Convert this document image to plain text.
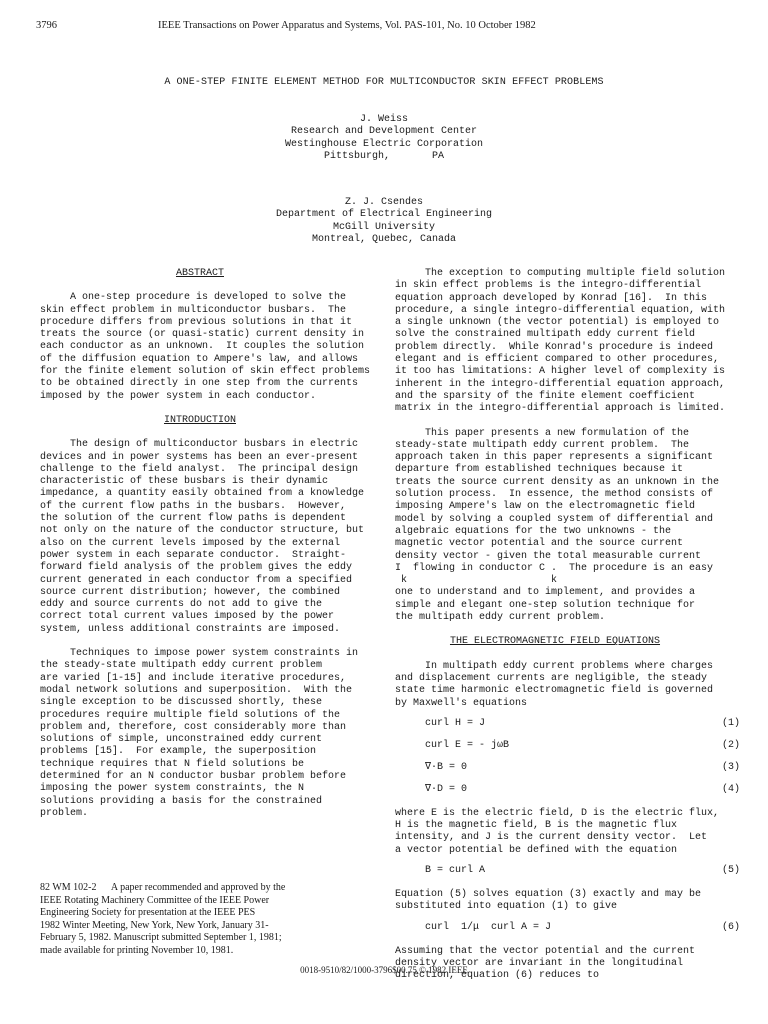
3796	IEEE Transactions on Power Apparatus and Systems, Vol. PAS-101, No. 10 October 1982
A ONE-STEP FINITE ELEMENT METHOD FOR MULTICONDUCTOR SKIN EFFECT PROBLEMS
J. Weiss
Research and Development Center
Westinghouse Electric Corporation
Pittsburgh,       PA
Z. J. Csendes
Department of Electrical Engineering
McGill University
Montreal, Quebec, Canada
ABSTRACT

A one-step procedure is developed to solve the
skin effect problem in multiconductor busbars.  The
procedure differs from previous solutions in that it
treats the source (or quasi-static) current density in
each conductor as an unknown.  It couples the solution
of the diffusion equation to Ampere's law, and allows
for the finite element solution of skin effect problems
to be obtained directly in one step from the currents
imposed by the power system in each conductor.

INTRODUCTION

The design of multiconductor busbars in electric
devices and in power systems has been an ever-present
challenge to the field analyst.  The principal design
characteristic of these busbars is their dynamic
impedance, a quantity easily obtained from a knowledge
of the current flow paths in the busbars.  However,
the solution of the current flow paths is dependent
not only on the nature of the conductor structure, but
also on the current levels imposed by the external
power system in each separate conductor.  Straight-
forward field analysis of the problem gives the eddy
current generated in each conductor from a specified
source current distribution; however, the combined
eddy and source currents do not add to give the
correct total current values imposed by the power
system, unless additional constraints are imposed.

Techniques to impose power system constraints in
the steady-state multipath eddy current problem
are varied [1-15] and include iterative procedures,
modal network solutions and superposition.  With the
single exception to be discussed shortly, these
procedures require multiple field solutions of the
problem and, therefore, cost considerably more than
solutions of simple, unconstrained eddy current
problems [15].  For example, the superposition
technique requires that N field solutions be
determined for an N conductor busbar problem before
imposing the power system constraints, the N
solutions providing a basis for the constrained
problem.

The exception to computing multiple field solution
in skin effect problems is the integro-differential
equation approach developed by Konrad [16].  In this
procedure, a single integro-differential equation, with
a single unknown (the vector potential) is employed to
solve the constrained multipath eddy current field
problem directly.  While Konrad's procedure is indeed
elegant and is efficient compared to other procedures,
it too has limitations: A higher level of complexity is
inherent in the integro-differential equation approach,
and the sparsity of the finite element coefficient
matrix in the integro-differential approach is limited.

This paper presents a new formulation of the
steady-state multipath eddy current problem.  The
approach taken in this paper represents a significant
departure from established techniques because it
treats the source current density as an unknown in the
solution process.  In essence, the method consists of
imposing Ampere's law on the electromagnetic field
model by solving a coupled system of differential and
algebraic equations for the two unknowns - the
magnetic vector potential and the source current
density vector - given the total measurable current
I  flowing in conductor C .  The procedure is an easy
k                        k
one to understand and to implement, and provides a
simple and elegant one-step solution technique for
the multipath eddy current problem.

THE ELECTROMAGNETIC FIELD EQUATIONS

In multipath eddy current problems where charges
and displacement currents are negligible, the steady
state time harmonic electromagnetic field is governed
by Maxwell's equations

curl H = J	(1)
curl E = - jωB	(2)
∇·B = 0	(3)
∇·D = 0	(4)

where E is the electric field, D is the electric flux,
H is the magnetic field, B is the magnetic flux
intensity, and J is the current density vector.  Let
a vector potential be defined with the equation

B = curl A	(5)

Equation (5) solves equation (3) exactly and may be
substituted into equation (1) to give

curl  1/μ  curl A = J	(6)

Assuming that the vector potential and the current
density vector are invariant in the longitudinal
direction, equation (6) reduces to

82 WM 102-2      A paper recommended and approved by the
IEEE Rotating Machinery Committee of the IEEE Power
Engineering Society for presentation at the IEEE PES
1982 Winter Meeting, New York, New York, January 31-
February 5, 1982. Manuscript submitted September 1, 1981;
made available for printing November 10, 1981.
0018-9510/82/1000-3796$00.75 © 1982 IEEE
